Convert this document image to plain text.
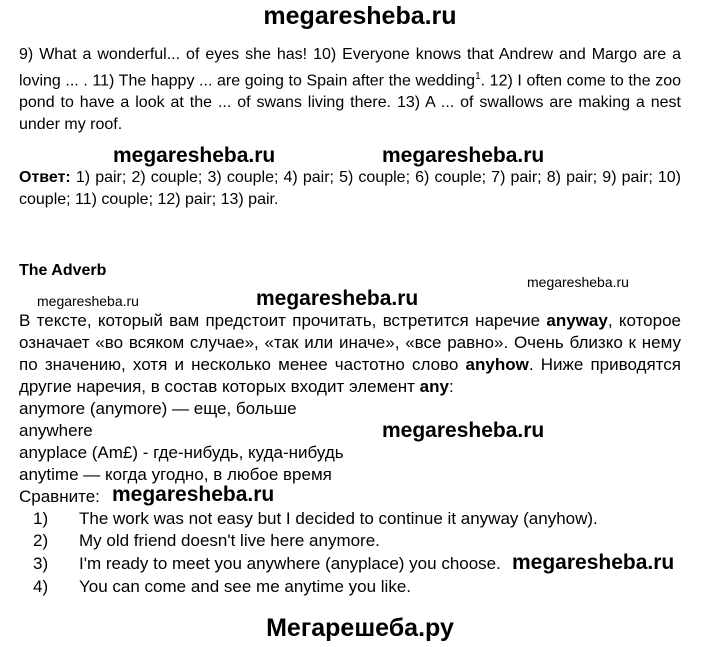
megaresheba.ru
9) What a wonderful... of eyes she has! 10) Everyone knows that Andrew and Margo are a loving ... . 11) The happy ... are going to Spain after the wedding$^1$. 12) I often come to the zoo pond to have a look at the ... of swans living there. 13) A ... of swallows are making a nest under my roof.
megaresheba.ru	megaresheba.ru
Ответ: 1) pair; 2) couple; 3) couple; 4) pair; 5) couple; 6) couple; 7) pair; 8) pair; 9) pair; 10) couple; 11) couple; 12) pair; 13) pair.
The Adverb
megaresheba.ru
megaresheba.ru	megaresheba.ru
В тексте, который вам предстоит прочитать, встретится наречие anyway, которое означает «во всяком случае», «так или иначе», «все равно». Очень близко к нему по значению, хотя и несколько менее частотно слово anyhow. Ниже приводятся другие наречия, в состав которых входит элемент any:
anymore (anymore) — еще, больше
anywhere
anyplace (Am£) - где-нибудь, куда-нибудь
anytime — когда угодно, в любое время
megaresheba.ru
Сравните: megaresheba.ru
1) The work was not easy but I decided to continue it anyway (anyhow).
2) My old friend doesn't live here anymore.
3) I'm ready to meet you anywhere (anyplace) you choose.
4) You can come and see me anytime you like.
megaresheba.ru
Мегарешеба.ру
